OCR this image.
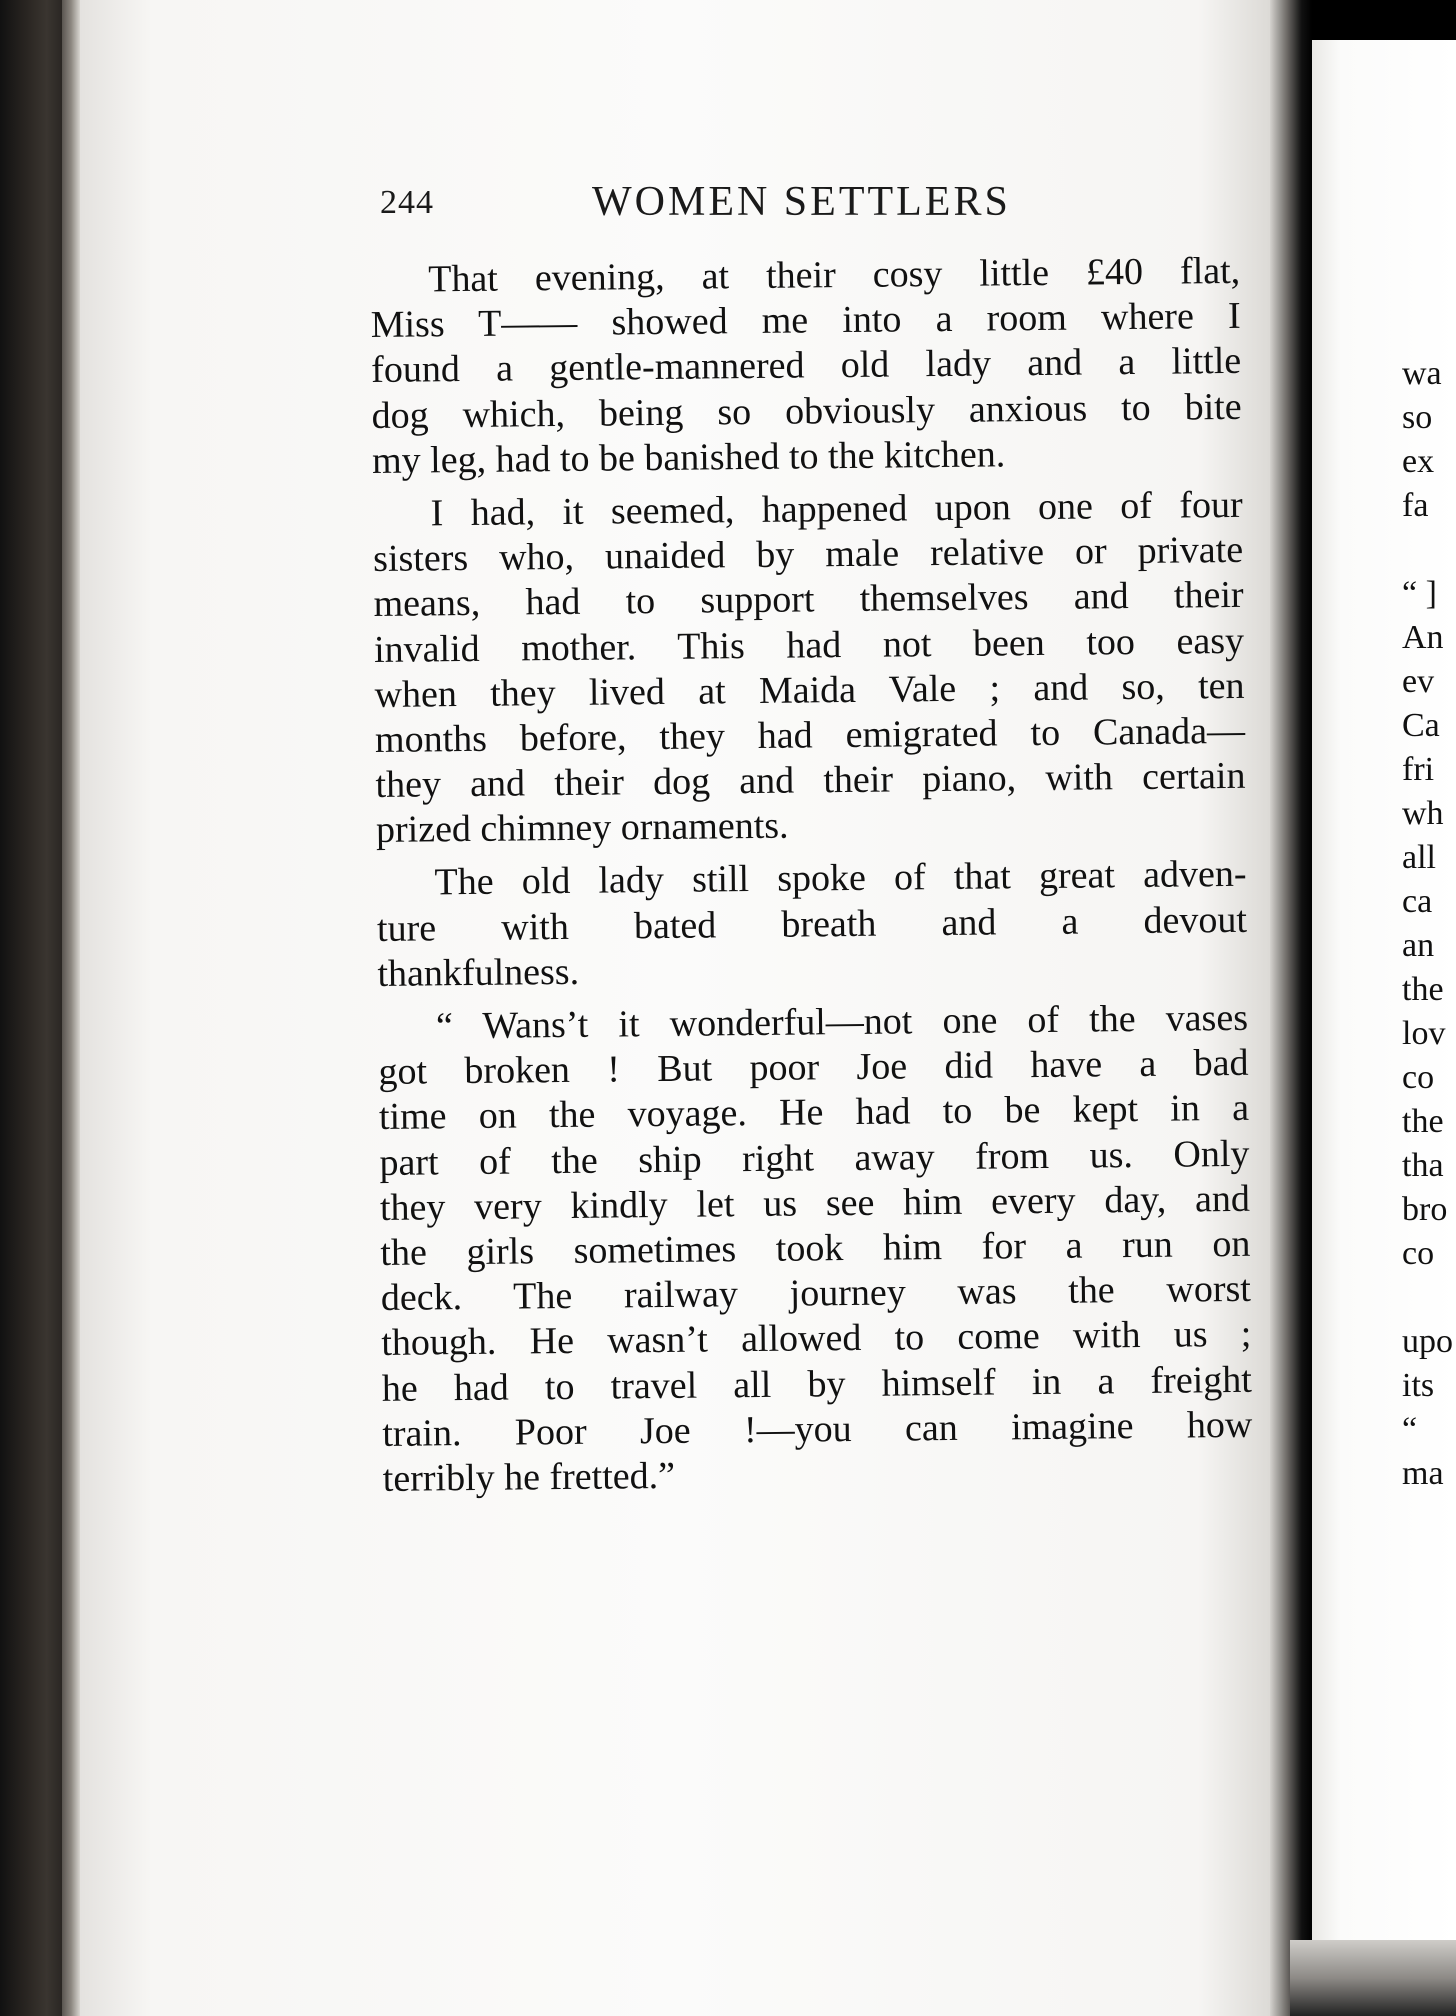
244	WOMEN SETTLERS
That evening, at their cosy little £40 flat,
Miss T—— showed me into a room where I
found a gentle-mannered old lady and a little
dog which, being so obviously anxious to bite
my leg, had to be banished to the kitchen.
I had, it seemed, happened upon one of four
sisters who, unaided by male relative or private
means, had to support themselves and their
invalid mother. This had not been too easy
when they lived at Maida Vale ; and so, ten
months before, they had emigrated to Canada—
they and their dog and their piano, with certain
prized chimney ornaments.
The old lady still spoke of that great adven-
ture with bated breath and a devout
thankfulness.
“ Wans’t it wonderful—not one of the vases
got broken ! But poor Joe did have a bad
time on the voyage. He had to be kept in a
part of the ship right away from us. Only
they very kindly let us see him every day, and
the girls sometimes took him for a run on
deck. The railway journey was the worst
though. He wasn’t allowed to come with us ;
he had to travel all by himself in a freight
train. Poor Joe !—you can imagine how
terribly he fretted.”
wa
so
ex
fa
“ ]
An
ev
Ca
fri
wh
all
ca
an
the
lov
co
the
tha
bro
co
upo
its
“
ma
